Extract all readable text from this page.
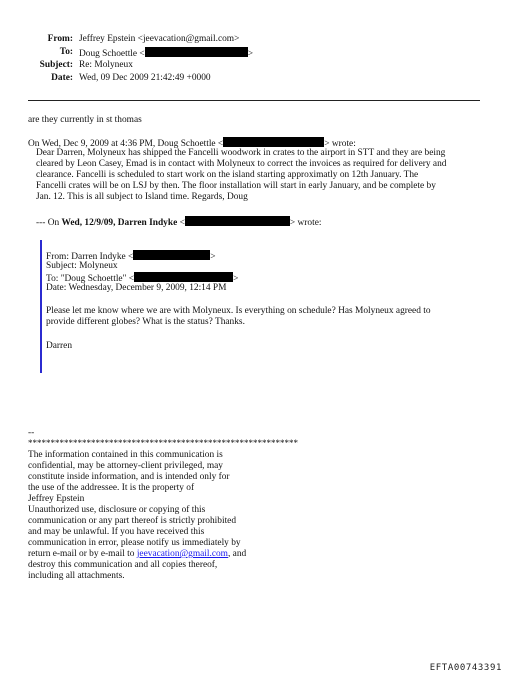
From: Jeffrey Epstein <jeevacation@gmail.com>
To: Doug Schoettle <	>
Subject: Re: Molyneux
Date: Wed, 09 Dec 2009 21:42:49 +0000
are they currently in st thomas
On Wed, Dec 9, 2009 at 4:36 PM, Doug Schoettle <	> wrote:
Dear Darren, Molyneux has shipped the Fancelli woodwork in crates to the airport in STT and they are being
cleared by Leon Casey, Emad is in contact with Molyneux to correct the invoices as required for delivery and
clearance. Fancelli is scheduled to start work on the island starting approximatly on 12th January. The
Fancelli crates will be on LSJ by then. The floor installation will start in early January, and be complete by
Jan. 12. This is all subject to Island time. Regards, Doug
--- On Wed, 12/9/09, Darren Indyke <	> wrote:
From: Darren Indyke <	>
Subject: Molyneux
To: "Doug Schoettle" <	>
Date: Wednesday, December 9, 2009, 12:14 PM
Please let me know where we are with Molyneux. Is everything on schedule? Has Molyneux agreed to
provide different globes? What is the status? Thanks.
Darren
--
************************************************************
The information contained in this communication is
confidential, may be attorney-client privileged, may
constitute inside information, and is intended only for
the use of the addressee. It is the property of
Jeffrey Epstein
Unauthorized use, disclosure or copying of this
communication or any part thereof is strictly prohibited
and may be unlawful. If you have received this
communication in error, please notify us immediately by
return e-mail or by e-mail to jeevacation@gmail.com, and
destroy this communication and all copies thereof,
including all attachments.
EFTA00743391
